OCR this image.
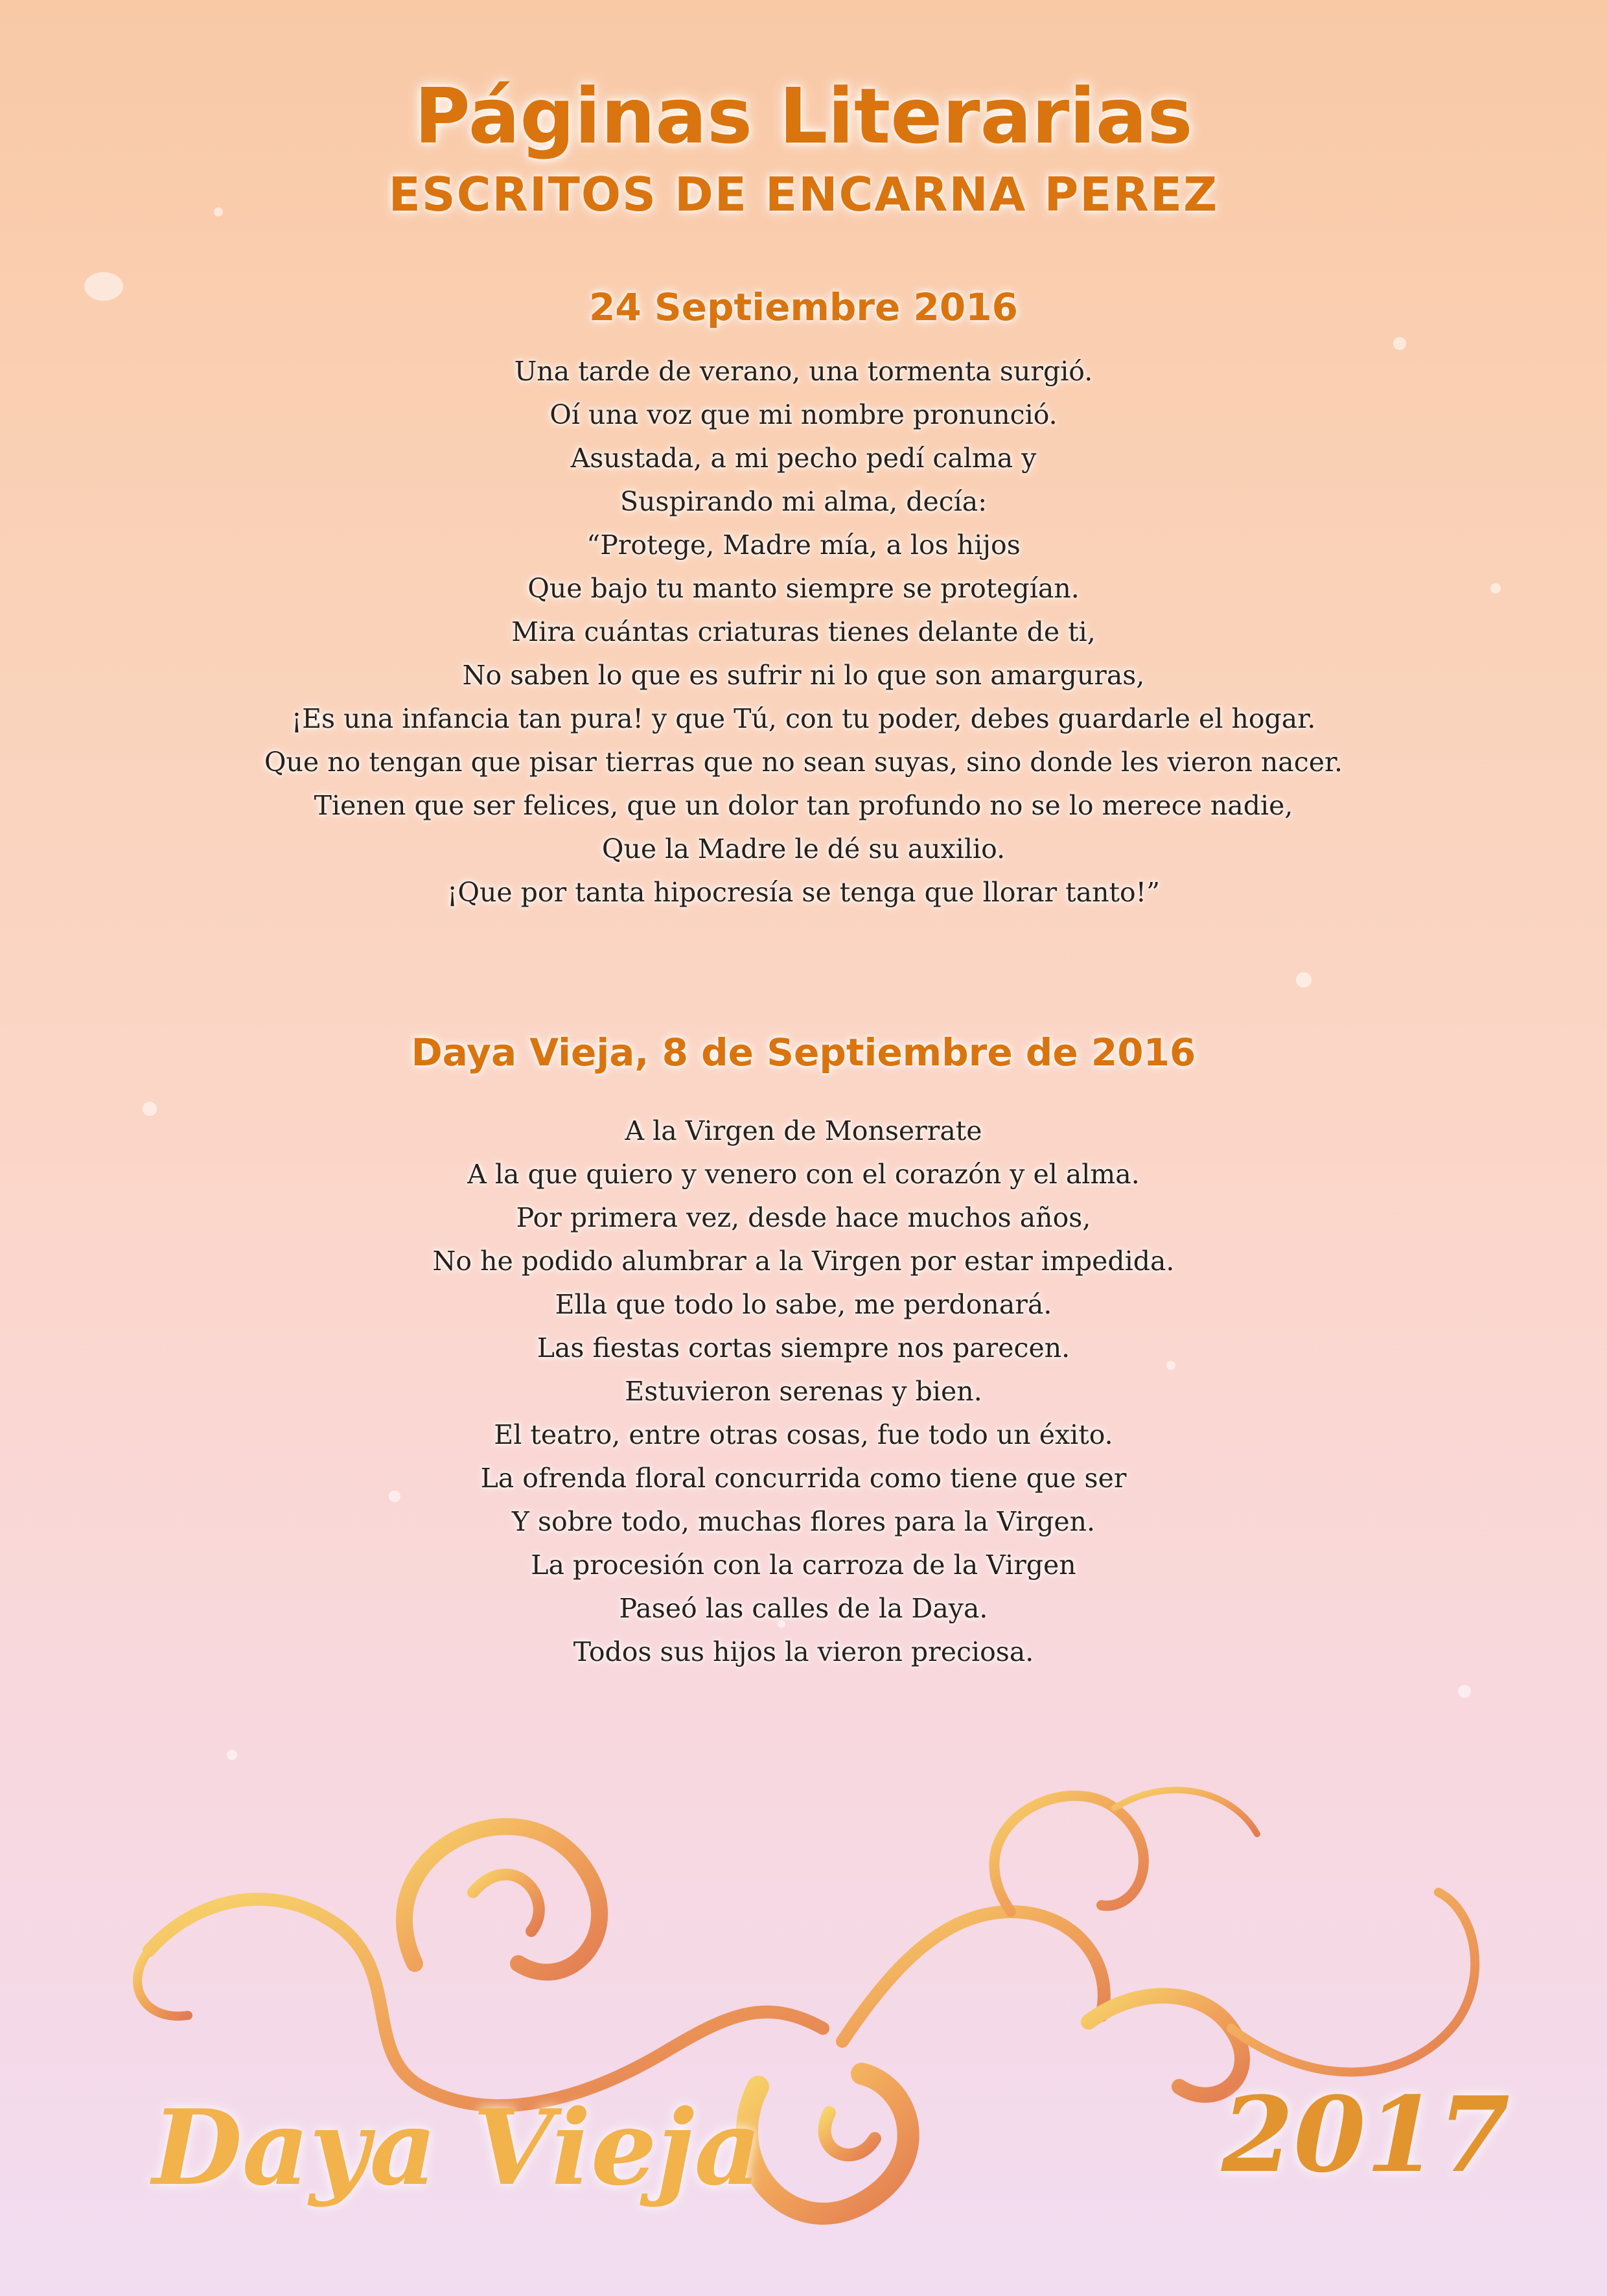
Páginas Literarias
ESCRITOS DE ENCARNA PEREZ
24 Septiembre 2016
Una tarde de verano, una tormenta surgió.
Oí una voz que mi nombre pronunció.
Asustada, a mi pecho pedí calma y
Suspirando mi alma, decía:
“Protege, Madre mía, a los hijos
Que bajo tu manto siempre se protegían.
Mira cuántas criaturas tienes delante de ti,
No saben lo que es sufrir ni lo que son amarguras,
¡Es una infancia tan pura! y que Tú, con tu poder, debes guardarle el hogar.
Que no tengan que pisar tierras que no sean suyas, sino donde les vieron nacer.
Tienen que ser felices, que un dolor tan profundo no se lo merece nadie,
Que la Madre le dé su auxilio.
¡Que por tanta hipocresía se tenga que llorar tanto!”
Daya Vieja, 8 de Septiembre de 2016
A la Virgen de Monserrate
A la que quiero y venero con el corazón y el alma.
Por primera vez, desde hace muchos años,
No he podido alumbrar a la Virgen por estar impedida.
Ella que todo lo sabe, me perdonará.
Las fiestas cortas siempre nos parecen.
Estuvieron serenas y bien.
El teatro, entre otras cosas, fue todo un éxito.
La ofrenda floral concurrida como tiene que ser
Y sobre todo, muchas flores para la Virgen.
La procesión con la carroza de la Virgen
Paseó las calles de la Daya.
Todos sus hijos la vieron preciosa.
Daya Vieja	2017
